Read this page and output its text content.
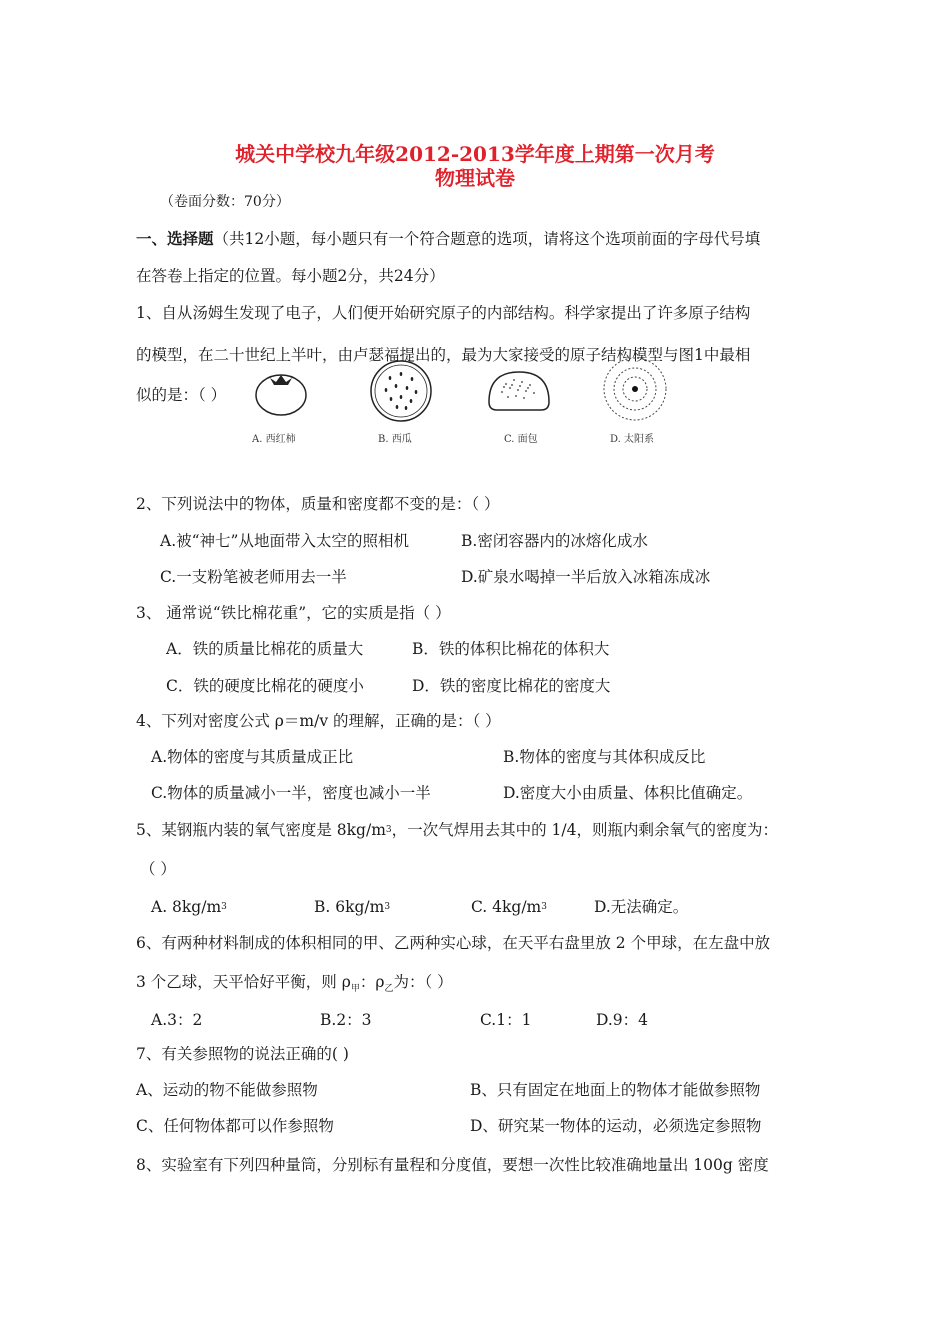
城关中学校九年级2012-2013学年度上期第一次月考
物理试卷
（卷面分数：70分）
一、选择题（共12小题，每小题只有一个符合题意的选项，请将这个选项前面的字母代号填
在答卷上指定的位置。每小题2分，共24分）
1、自从汤姆生发现了电子，人们便开始研究原子的内部结构。科学家提出了许多原子结构
的模型，在二十世纪上半叶，由卢瑟福提出的，最为大家接受的原子结构模型与图1中最相
似的是：（ ）
A. 西红柿	B. 西瓜	C. 面包	D. 太阳系
2、下列说法中的物体，质量和密度都不变的是：（ ）
A.被“神七”从地面带入太空的照相机	B.密闭容器内的冰熔化成水
C.一支粉笔被老师用去一半	D.矿泉水喝掉一半后放入冰箱冻成冰
3、 通常说“铁比棉花重”，它的实质是指（ ）
A．铁的质量比棉花的质量大	B．铁的体积比棉花的体积大
C．铁的硬度比棉花的硬度小	D．铁的密度比棉花的密度大
4、下列对密度公式 ρ＝m/v 的理解，正确的是：（ ）
A.物体的密度与其质量成正比	B.物体的密度与其体积成反比
C.物体的质量减小一半，密度也减小一半	D.密度大小由质量、体积比值确定。
5、某钢瓶内装的氧气密度是 $8kg/m^3$，一次气焊用去其中的 1/4，则瓶内剩余氧气的密度为：
（ ）
A. $8kg/m^3$	B. $6kg/m^3$	C. $4kg/m^3$	D.无法确定。
6、有两种材料制成的体积相同的甲、乙两种实心球，在天平右盘里放 2 个甲球，在左盘中放
3 个乙球，天平恰好平衡，则 $\rho_甲$：$\rho_乙$为：（ ）
A.3：2	B.2：3	C.1：1	D.9：4
7、有关参照物的说法正确的( )
A、运动的物不能做参照物	B、只有固定在地面上的物体才能做参照物
C、任何物体都可以作参照物	D、研究某一物体的运动，必须选定参照物
8、实验室有下列四种量筒，分别标有量程和分度值，要想一次性比较准确地量出 100g 密度
